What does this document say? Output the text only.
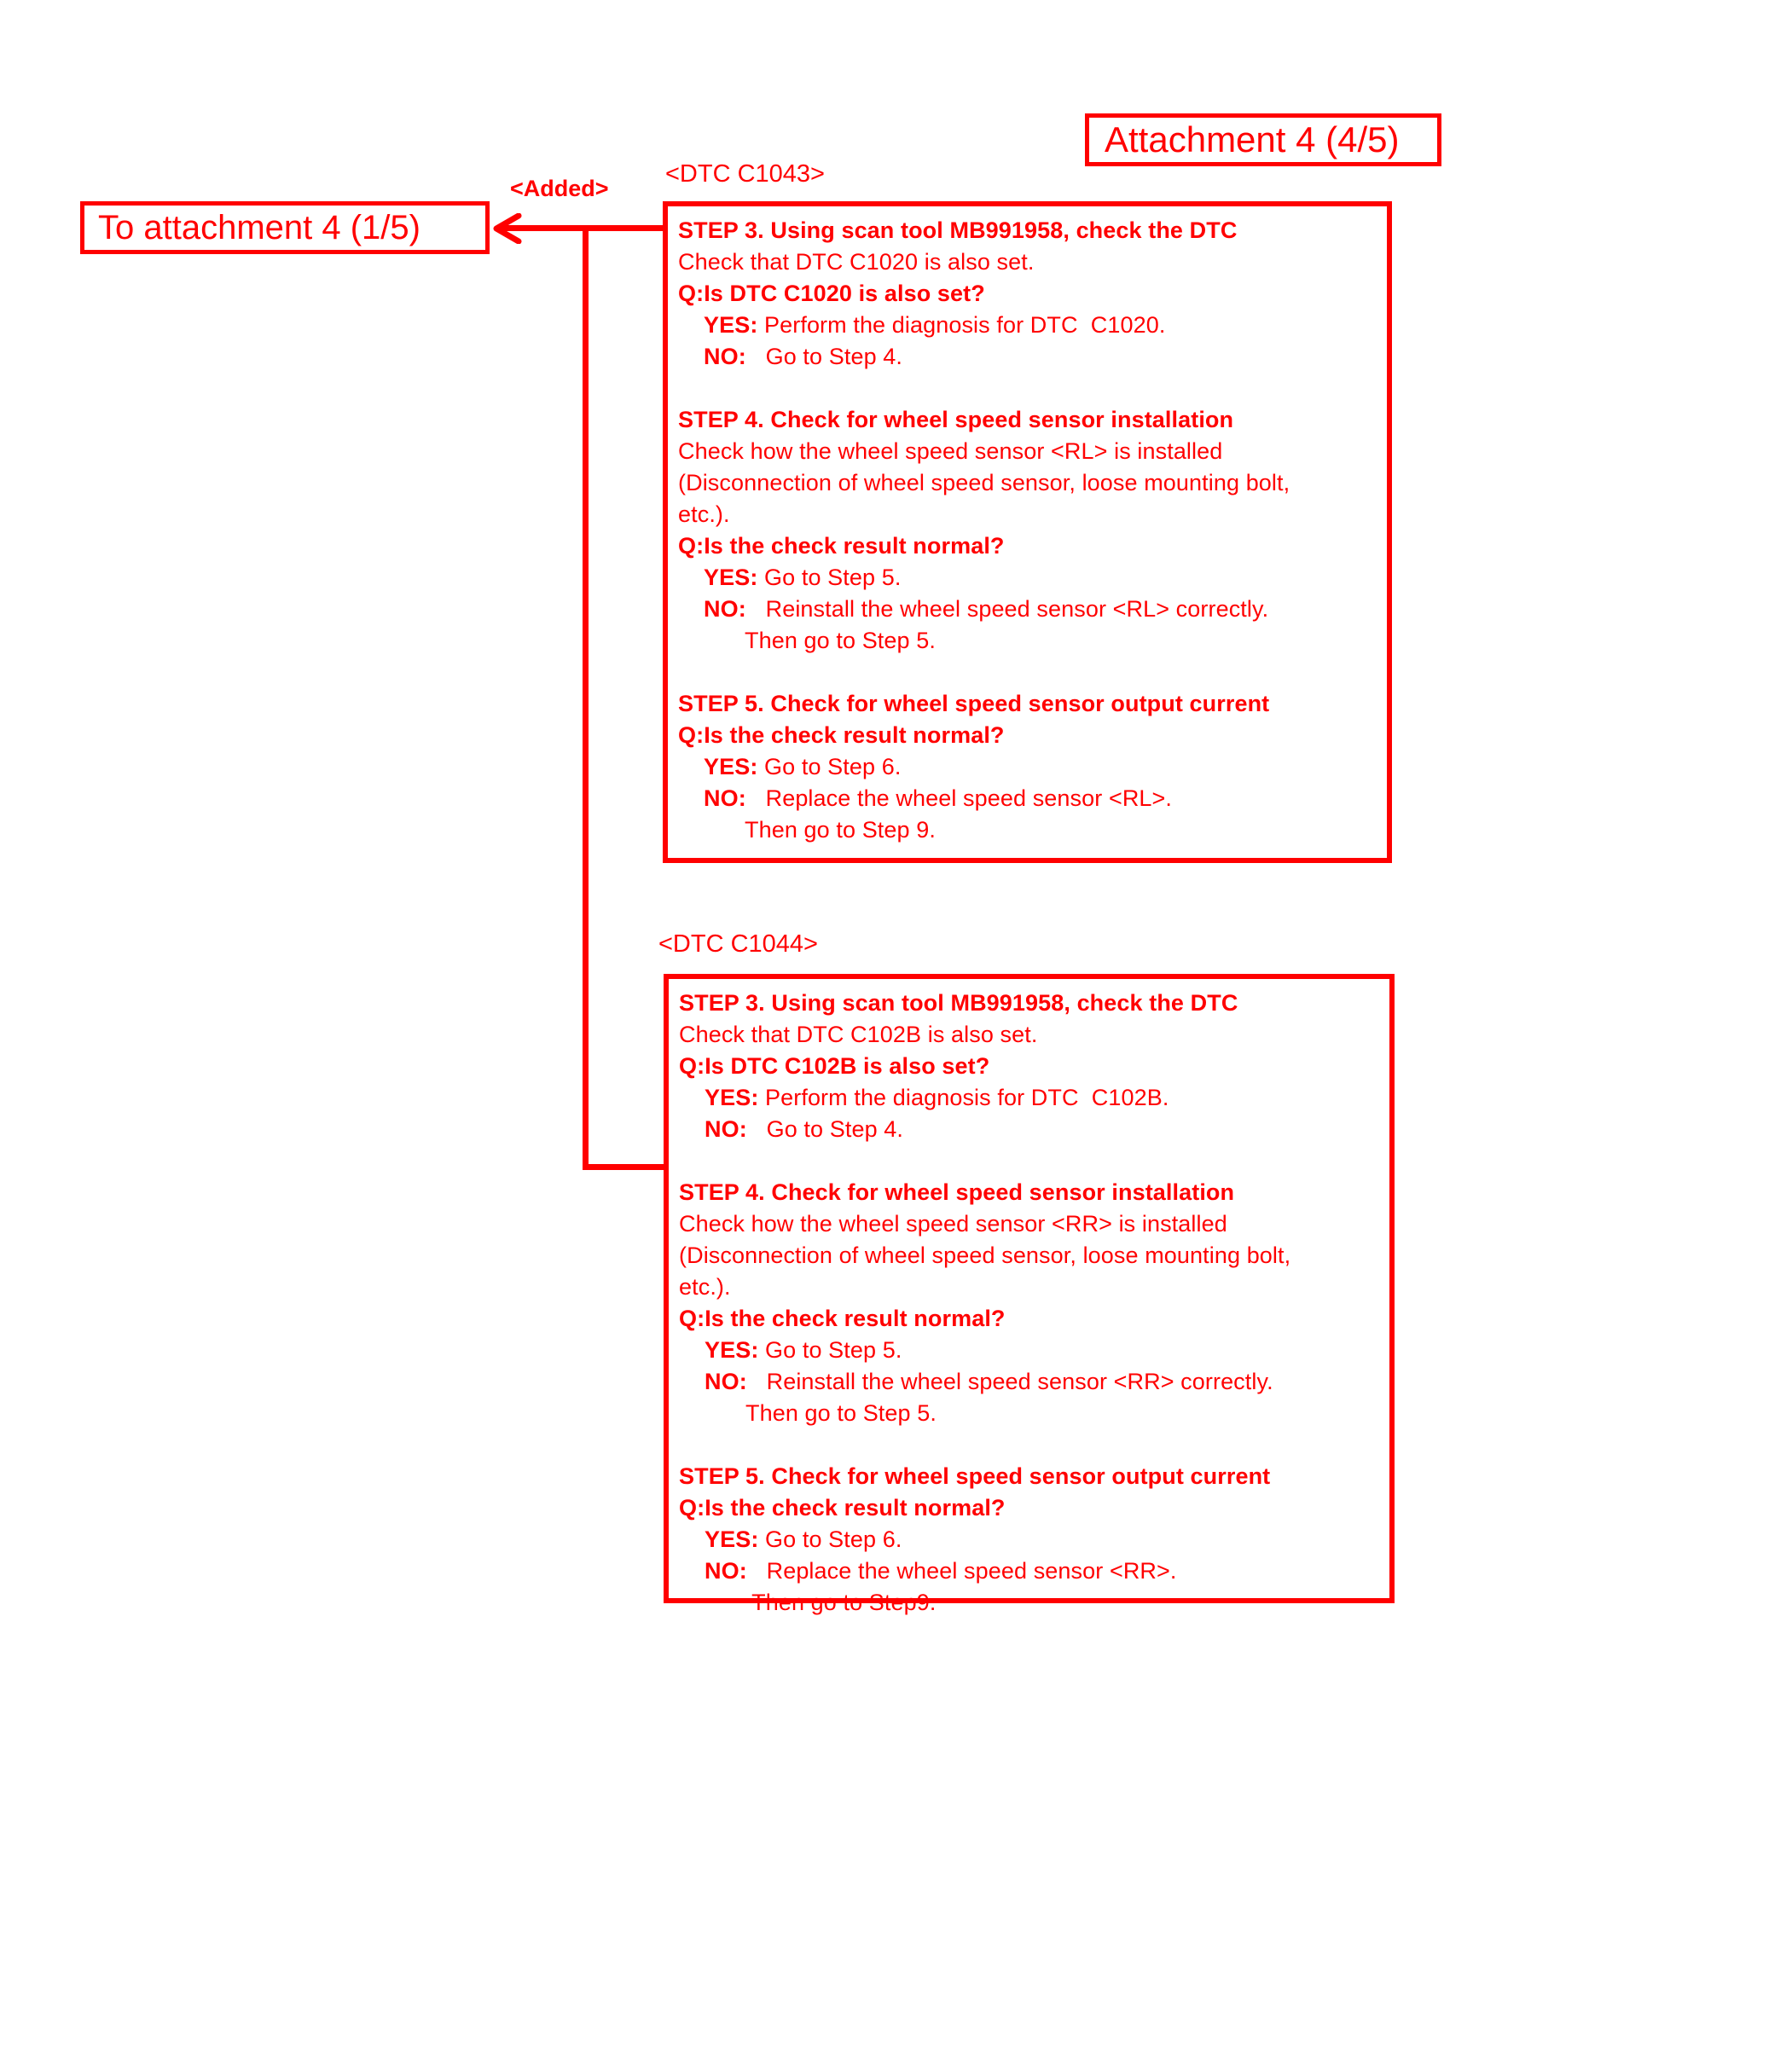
Attachment 4 (4/5)
To attachment 4 (1/5)
<Added>
<DTC C1043>
<DTC C1044>
STEP 3. Using scan tool MB991958, check the DTC
Check that DTC C1020 is also set.
Q:Is DTC C1020 is also set?
YES: Perform the diagnosis for DTC  C1020.
NO:   Go to Step 4.

STEP 4. Check for wheel speed sensor installation
Check how the wheel speed sensor <RL> is installed
(Disconnection of wheel speed sensor, loose mounting bolt,
etc.).
Q:Is the check result normal?
YES: Go to Step 5.
NO:   Reinstall the wheel speed sensor <RL> correctly.
Then go to Step 5.

STEP 5. Check for wheel speed sensor output current
Q:Is the check result normal?
YES: Go to Step 6.
NO:   Replace the wheel speed sensor <RL>.
Then go to Step 9.
STEP 3. Using scan tool MB991958, check the DTC
Check that DTC C102B is also set.
Q:Is DTC C102B is also set?
YES: Perform the diagnosis for DTC  C102B.
NO:   Go to Step 4.

STEP 4. Check for wheel speed sensor installation
Check how the wheel speed sensor <RR> is installed
(Disconnection of wheel speed sensor, loose mounting bolt,
etc.).
Q:Is the check result normal?
YES: Go to Step 5.
NO:   Reinstall the wheel speed sensor <RR> correctly.
Then go to Step 5.

STEP 5. Check for wheel speed sensor output current
Q:Is the check result normal?
YES: Go to Step 6.
NO:   Replace the wheel speed sensor <RR>.
Then go to Step9.
